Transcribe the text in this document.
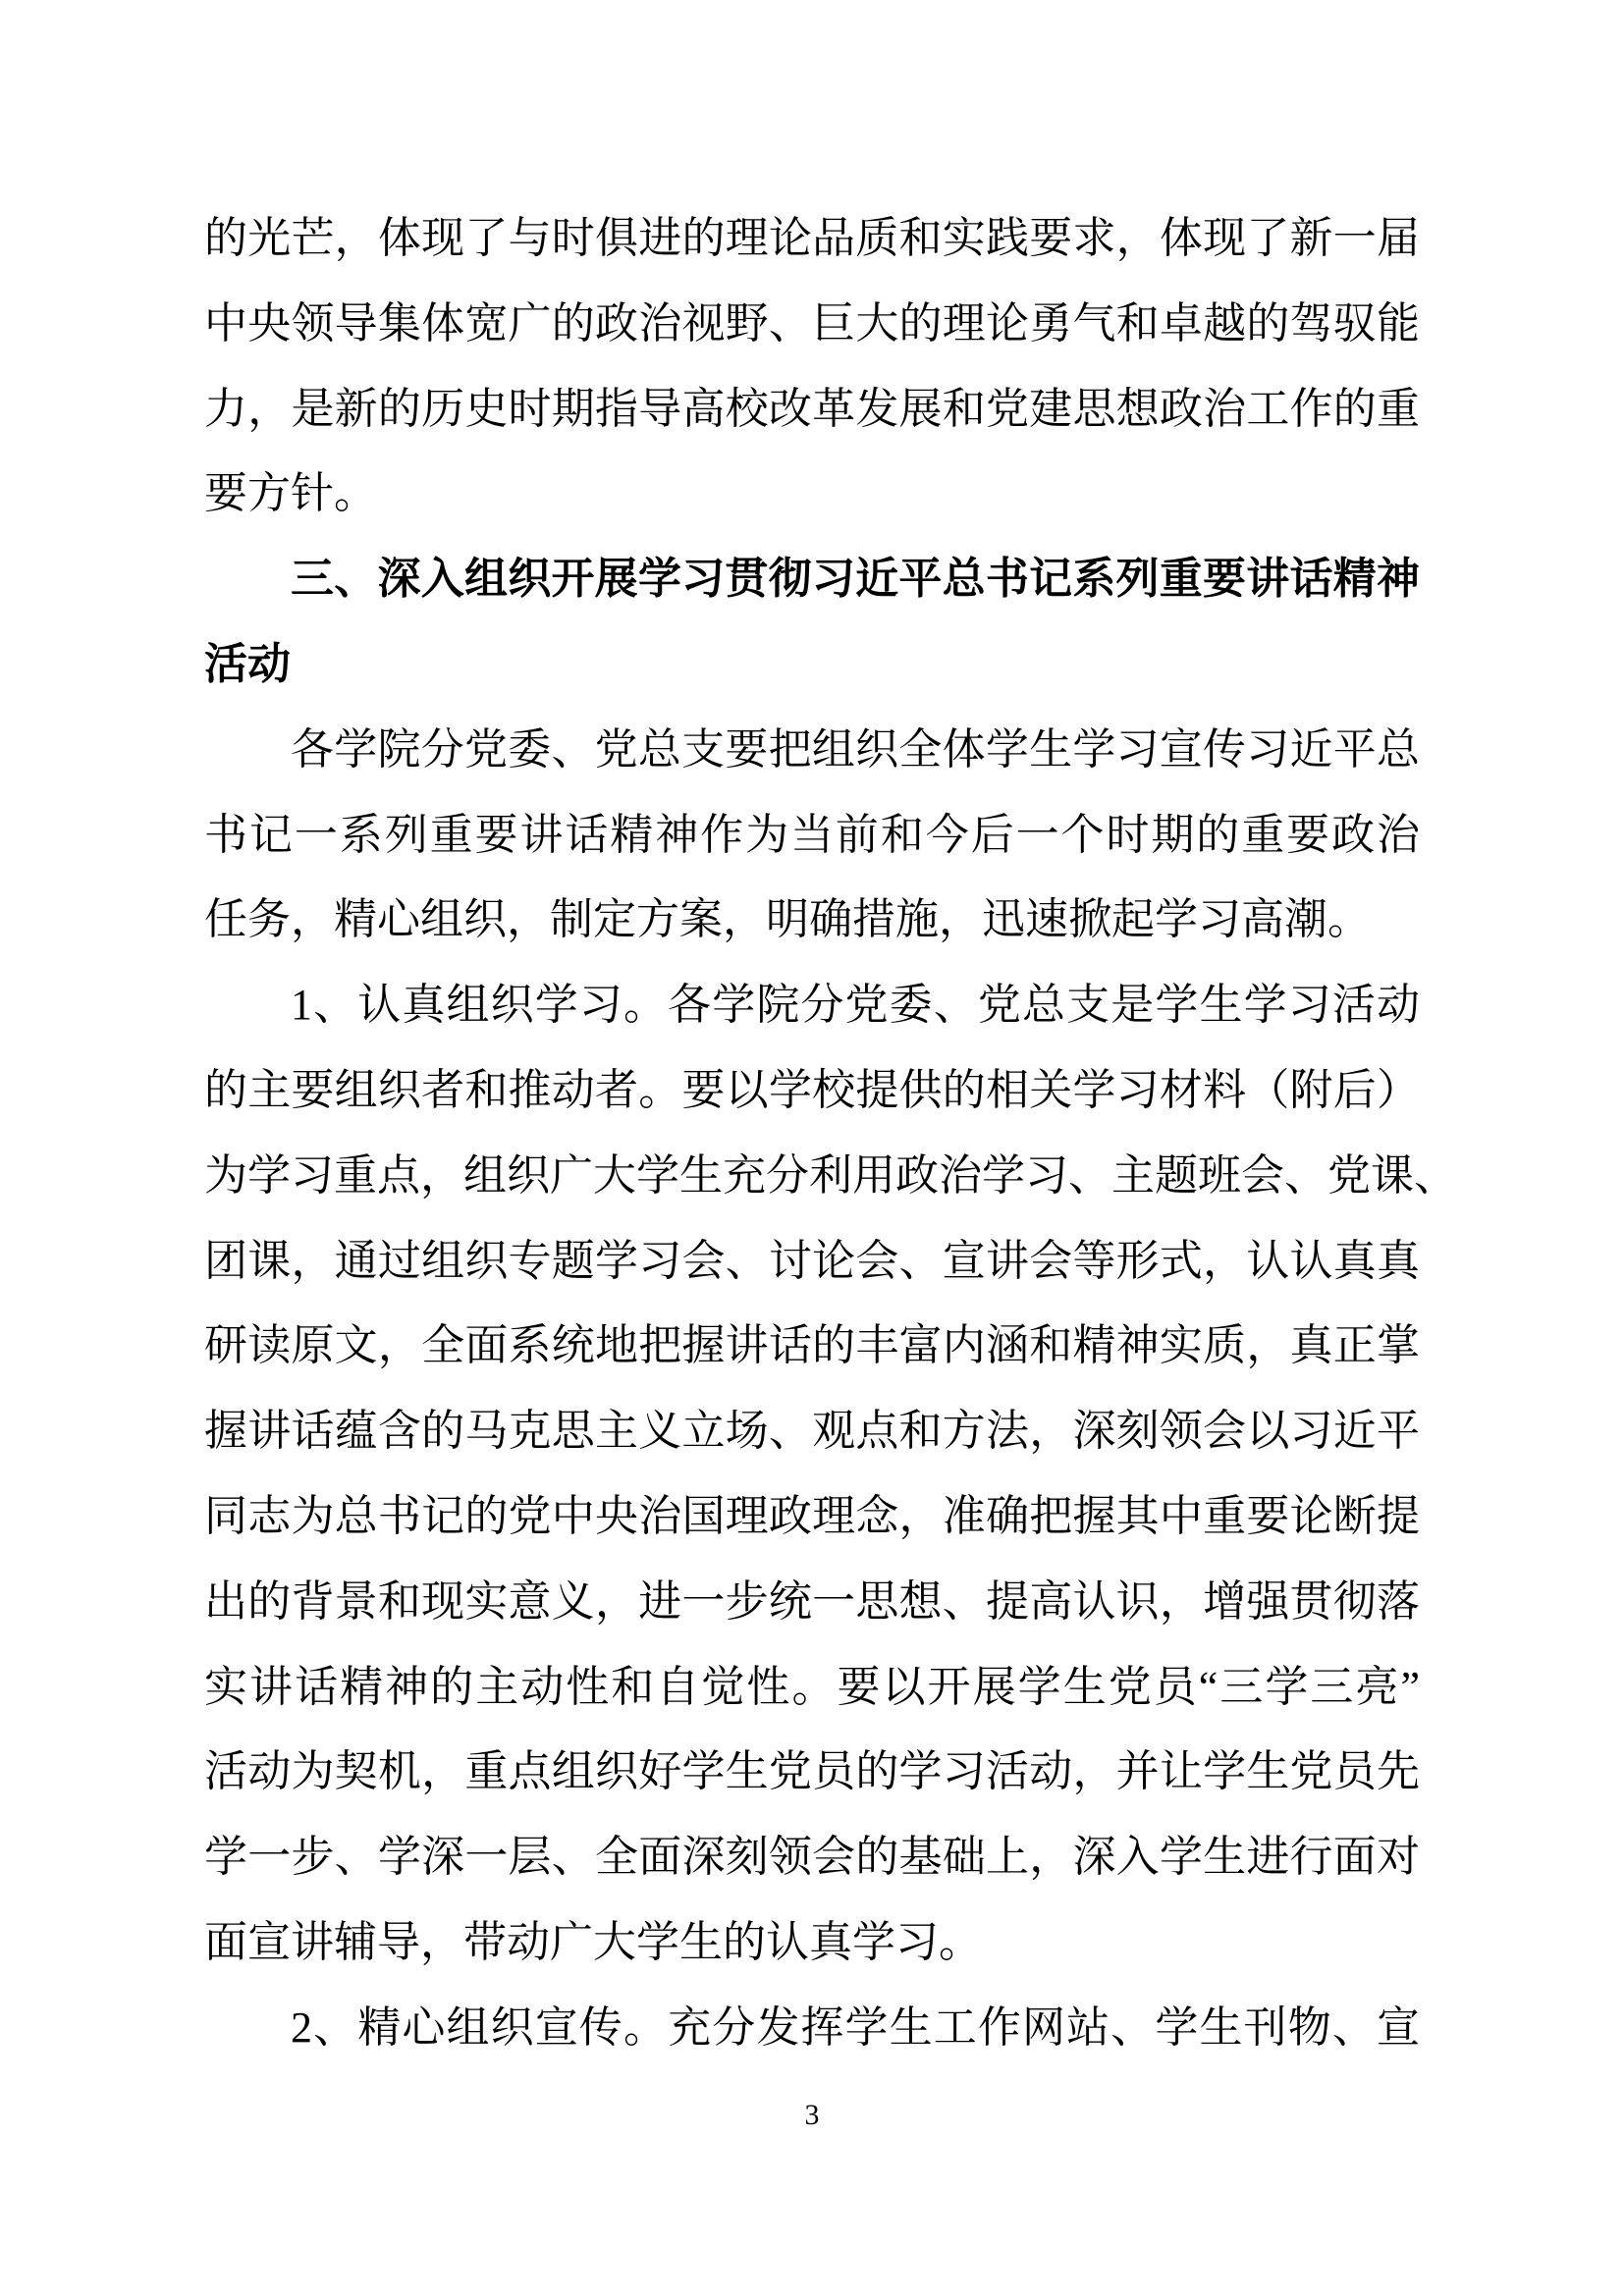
的光芒，体现了与时俱进的理论品质和实践要求，体现了新一届
中央领导集体宽广的政治视野、巨大的理论勇气和卓越的驾驭能
力，是新的历史时期指导高校改革发展和党建思想政治工作的重
要方针。
三、深入组织开展学习贯彻习近平总书记系列重要讲话精神
活动
各学院分党委、党总支要把组织全体学生学习宣传习近平总
书记一系列重要讲话精神作为当前和今后一个时期的重要政治
任务，精心组织，制定方案，明确措施，迅速掀起学习高潮。
1、认真组织学习。各学院分党委、党总支是学生学习活动
的主要组织者和推动者。要以学校提供的相关学习材料（附后）
为学习重点，组织广大学生充分利用政治学习、主题班会、党课、
团课，通过组织专题学习会、讨论会、宣讲会等形式，认认真真
研读原文，全面系统地把握讲话的丰富内涵和精神实质，真正掌
握讲话蕴含的马克思主义立场、观点和方法，深刻领会以习近平
同志为总书记的党中央治国理政理念，准确把握其中重要论断提
出的背景和现实意义，进一步统一思想、提高认识，增强贯彻落
实讲话精神的主动性和自觉性。要以开展学生党员“三学三亮”
活动为契机，重点组织好学生党员的学习活动，并让学生党员先
学一步、学深一层、全面深刻领会的基础上，深入学生进行面对
面宣讲辅导，带动广大学生的认真学习。
2、精心组织宣传。充分发挥学生工作网站、学生刊物、宣
3
